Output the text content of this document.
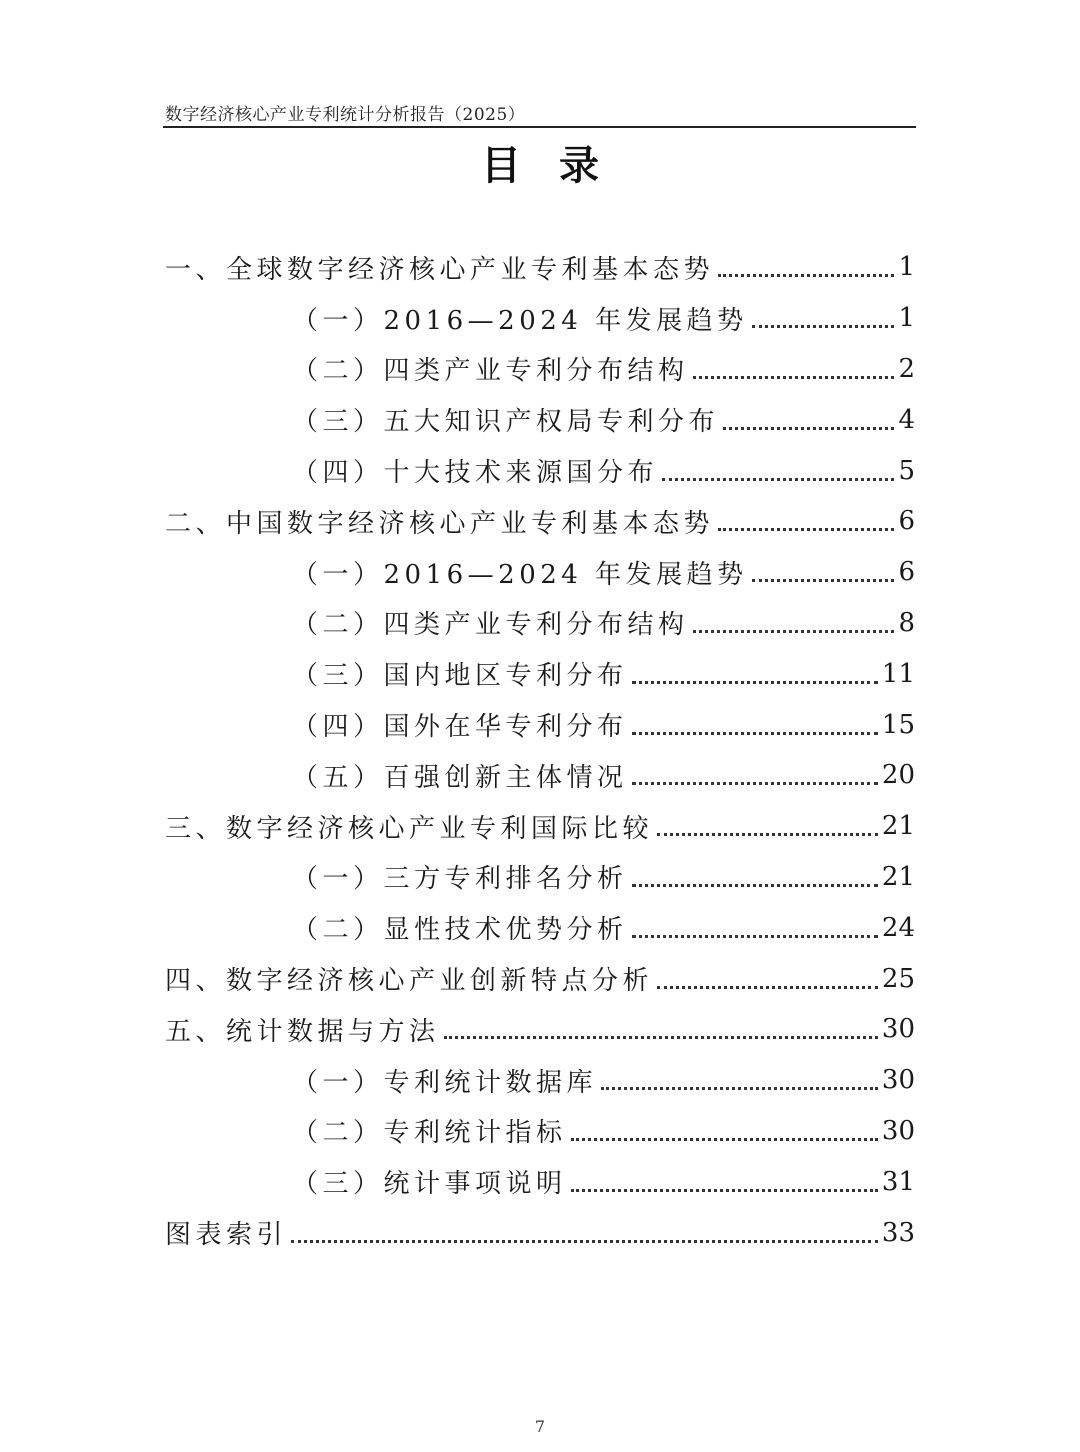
数字经济核心产业专利统计分析报告（2025）
目录
一、全球数字经济核心产业专利基本态势	1
（一）2016—2024 年发展趋势	1
（二）四类产业专利分布结构	2
（三）五大知识产权局专利分布	4
（四）十大技术来源国分布	5
二、中国数字经济核心产业专利基本态势	6
（一）2016—2024 年发展趋势	6
（二）四类产业专利分布结构	8
（三）国内地区专利分布	11
（四）国外在华专利分布	15
（五）百强创新主体情况	20
三、数字经济核心产业专利国际比较	21
（一）三方专利排名分析	21
（二）显性技术优势分析	24
四、数字经济核心产业创新特点分析	25
五、统计数据与方法	30
（一）专利统计数据库	30
（二）专利统计指标	30
（三）统计事项说明	31
图表索引	33
7
